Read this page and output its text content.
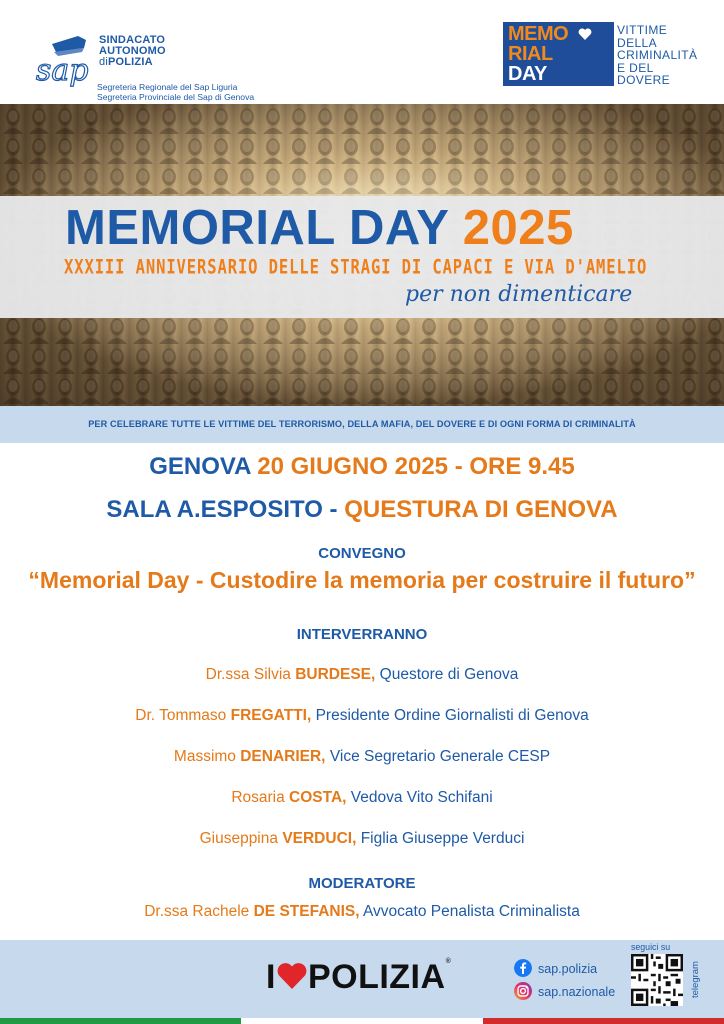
sap
SINDACATO
AUTONOMO
diPOLIZIA
Segreteria Regionale del Sap Liguria
Segreteria Provinciale del Sap di Genova
MEMO
RIAL
DAY
VITTIME
DELLA
CRIMINALITÀ
E DEL
DOVERE
MEMORIAL DAY 2025
XXXIII ANNIVERSARIO DELLE STRAGI DI CAPACI E VIA D'AMELIO
per non dimenticare
PER CELEBRARE TUTTE LE VITTIME DEL TERRORISMO, DELLA MAFIA, DEL DOVERE E DI OGNI FORMA DI CRIMINALITÀ
GENOVA 20 GIUGNO 2025 - ORE 9.45
SALA A.ESPOSITO - QUESTURA DI GENOVA
CONVEGNO
“Memorial Day - Custodire la memoria per costruire il futuro”
INTERVERRANNO
Dr.ssa Silvia BURDESE, Questore di Genova
Dr. Tommaso FREGATTI, Presidente Ordine Giornalisti di Genova
Massimo DENARIER, Vice Segretario Generale CESP
Rosaria COSTA, Vedova Vito Schifani
Giuseppina VERDUCI, Figlia Giuseppe Verduci
MODERATORE
Dr.ssa Rachele DE STEFANIS, Avvocato Penalista Criminalista
I POLIZIA®
sap.polizia
sap.nazionale
seguici su
telegram
